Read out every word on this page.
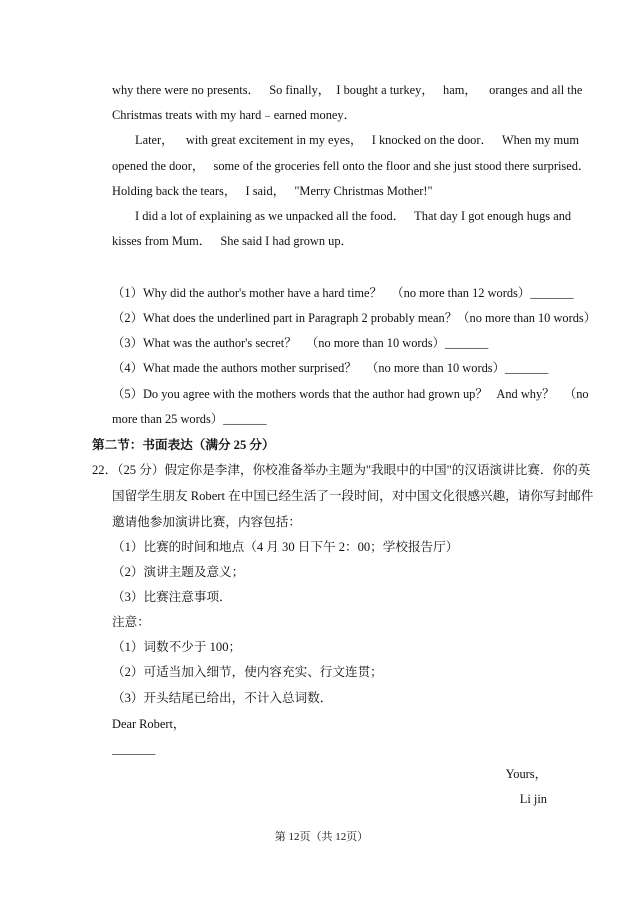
why there were no presents．   So finally，  I bought a turkey，   ham，    oranges and all the
Christmas treats with my hard﹣earned money．
Later，    with great excitement in my eyes，   I knocked on the door．   When my mum
opened the door，   some of the groceries fell onto the floor and she just stood there surprised．
Holding back the tears，   I said，   "Merry Christmas Mother!"
I did a lot of explaining as we unpacked all the food．   That day I got enough hugs and
kisses from Mum．   She said I had grown up．
（1）Why did the author's mother have a hard time？   （no more than 12 words）_______
（2）What does the underlined part in Paragraph 2 probably mean？（no more than 10 words）
（3）What was the author's secret？   （no more than 10 words）_______
（4）What made the authors mother surprised？   （no more than 10 words）_______
（5）Do you agree with the mothers words that the author had grown up？   And why？   （no
more than 25 words）_______
第二节：书面表达（满分 25 分）
22．（25 分）假定你是李津，你校准备举办主题为"我眼中的中国"的汉语演讲比赛．你的英
国留学生朋友 Robert 在中国已经生活了一段时间，对中国文化很感兴趣，请你写封邮件
邀请他参加演讲比赛，内容包括：
（1）比赛的时间和地点（4 月 30 日下午 2：00；学校报告厅）
（2）演讲主题及意义；
（3）比赛注意事项．
注意：
（1）词数不少于 100；
（2）可适当加入细节，使内容充实、行文连贯；
（3）开头结尾已给出，不计入总词数．
Dear Robert，
_______
Yours，
Li jin
第 12页（共 12页）
